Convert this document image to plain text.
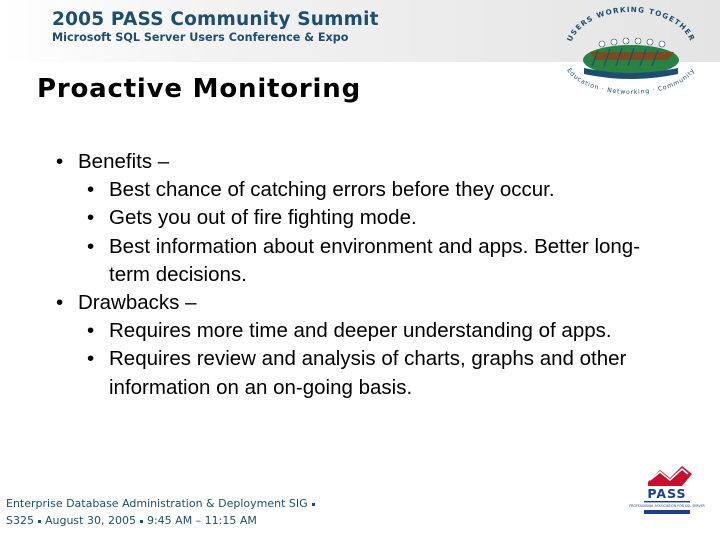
2005 PASS Community Summit
Microsoft SQL Server Users Conference & Expo	USERS WORKING TOGETHER
Education · Networking · Community
Proactive Monitoring
• Benefits –
• Best chance of catching errors before they occur.
• Gets you out of fire fighting mode.
• Best information about environment and apps. Better long-term decisions.
• Drawbacks –
• Requires more time and deeper understanding of apps.
• Requires review and analysis of charts, graphs and other information on an on-going basis.
Enterprise Database Administration & Deployment SIG
S325 August 30, 2005 9:45 AM – 11:15 AM
PASS
PROFESSIONAL ASSOCIATION FOR SQL SERVER
